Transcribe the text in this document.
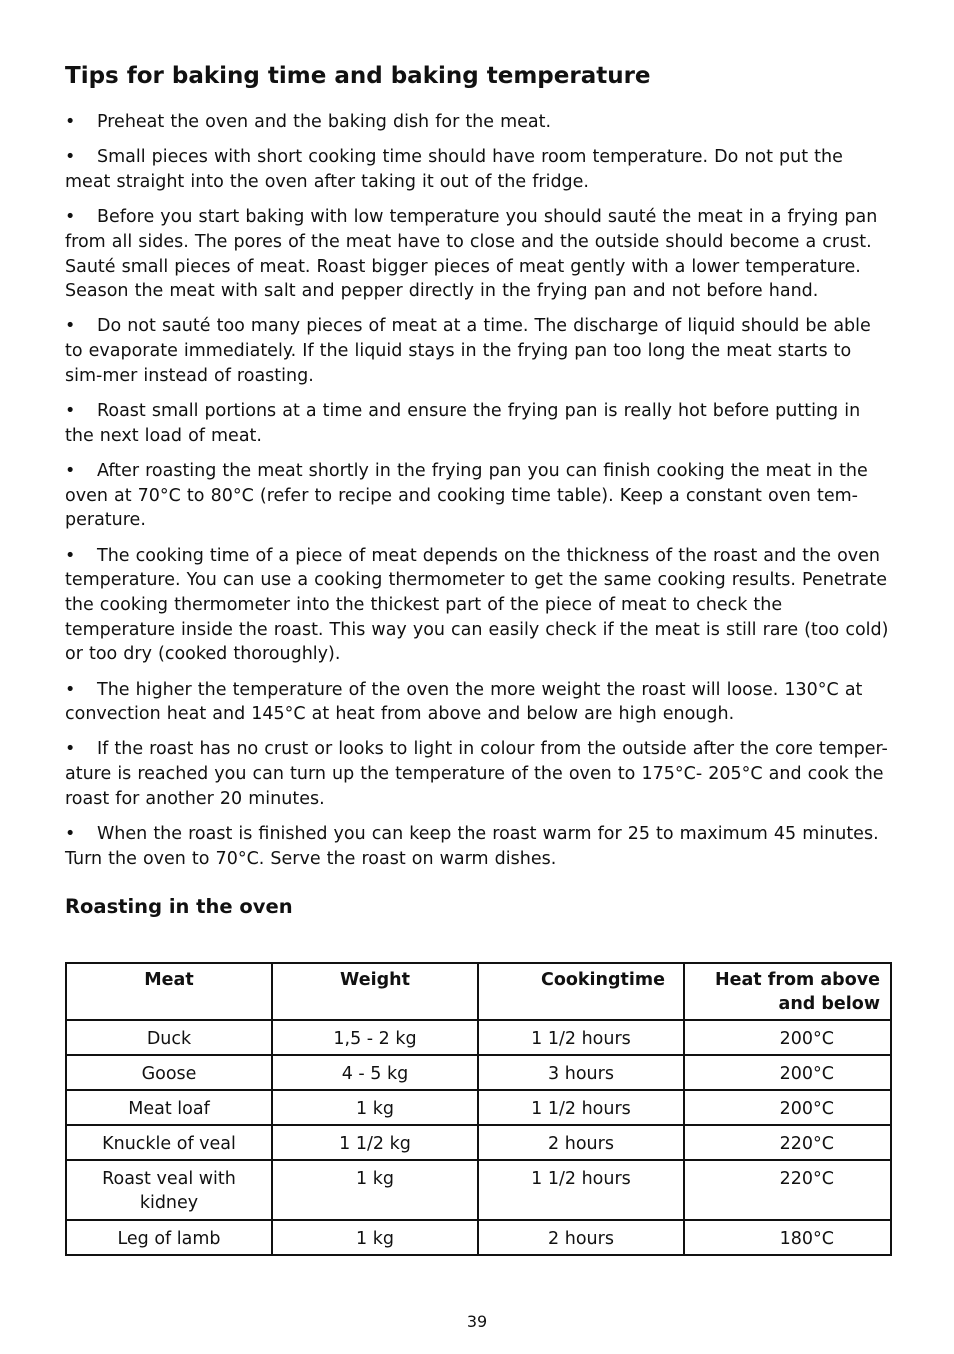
Tips for baking time and baking temperature
• Preheat the oven and the baking dish for the meat.
• Small pieces with short cooking time should have room temperature. Do not put the meat straight into the oven after taking it out of the fridge.
• Before you start baking with low temperature you should sauté the meat in a frying pan from all sides. The pores of the meat have to close and the outside should become a crust. Sauté small pieces of meat. Roast bigger pieces of meat gently with a lower temperature. Season the meat with salt and pepper directly in the frying pan and not before hand.
• Do not sauté too many pieces of meat at a time. The discharge of liquid should be able to evaporate immediately. If the liquid stays in the frying pan too long the meat starts to sim-mer instead of roasting.
• Roast small portions at a time and ensure the frying pan is really hot before putting in the next load of meat.
• After roasting the meat shortly in the frying pan you can finish cooking the meat in the oven at 70°C to 80°C (refer to recipe and cooking time table). Keep a constant oven tem-perature.
• The cooking time of a piece of meat depends on the thickness of the roast and the oven temperature. You can use a cooking thermometer to get the same cooking results. Penetrate the cooking thermometer into the thickest part of the piece of meat to check the temperature inside the roast. This way you can easily check if the meat is still rare (too cold) or too dry (cooked thoroughly).
• The higher the temperature of the oven the more weight the roast will loose. 130°C at convection heat and 145°C at heat from above and below are high enough.
• If the roast has no crust or looks to light in colour from the outside after the core temper-ature is reached you can turn up the temperature of the oven to 175°C- 205°C and cook the roast for another 20 minutes.
• When the roast is finished you can keep the roast warm for 25 to maximum 45 minutes. Turn the oven to 70°C. Serve the roast on warm dishes.
Roasting in the oven
Meat	Weight	Cookingtime	Heat from above and below
Duck	1,5 - 2 kg	1 1/2 hours	200°C
Goose	4 - 5 kg	3 hours	200°C
Meat loaf	1 kg	1 1/2 hours	200°C
Knuckle of veal	1 1/2 kg	2 hours	220°C
Roast veal with kidney	1 kg	1 1/2 hours	220°C
Leg of lamb	1 kg	2 hours	180°C
39
